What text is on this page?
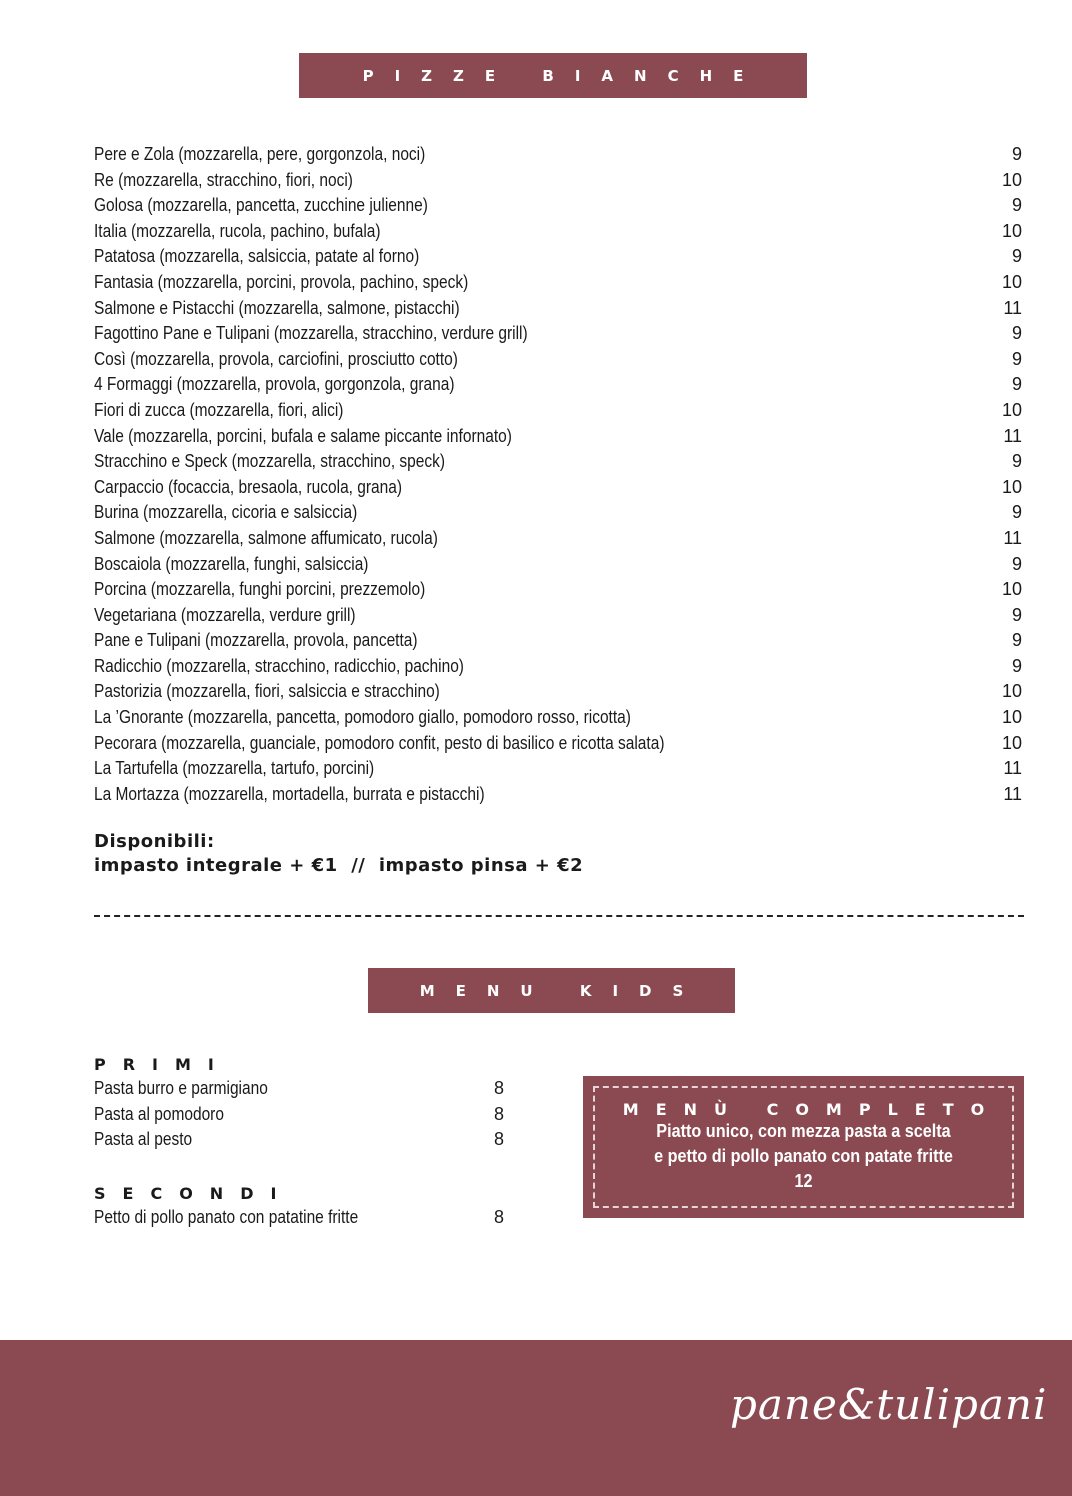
PIZZE BIANCHE
Pere e Zola (mozzarella, pere, gorgonzola, noci)	9
Re (mozzarella, stracchino, fiori, noci)	10
Golosa (mozzarella, pancetta, zucchine julienne)	9
Italia (mozzarella, rucola, pachino, bufala)	10
Patatosa (mozzarella, salsiccia, patate al forno)	9
Fantasia (mozzarella, porcini, provola, pachino, speck)	10
Salmone e Pistacchi (mozzarella, salmone, pistacchi)	11
Fagottino Pane e Tulipani (mozzarella, stracchino, verdure grill)	9
Così (mozzarella, provola, carciofini, prosciutto cotto)	9
4 Formaggi (mozzarella, provola, gorgonzola, grana)	9
Fiori di zucca (mozzarella, fiori, alici)	10
Vale (mozzarella, porcini, bufala e salame piccante infornato)	11
Stracchino e Speck (mozzarella, stracchino, speck)	9
Carpaccio (focaccia, bresaola, rucola, grana)	10
Burina (mozzarella, cicoria e salsiccia)	9
Salmone (mozzarella, salmone affumicato, rucola)	11
Boscaiola (mozzarella, funghi, salsiccia)	9
Porcina (mozzarella, funghi porcini, prezzemolo)	10
Vegetariana (mozzarella, verdure grill)	9
Pane e Tulipani (mozzarella, provola, pancetta)	9
Radicchio (mozzarella, stracchino, radicchio, pachino)	9
Pastorizia (mozzarella, fiori, salsiccia e stracchino)	10
La ’Gnorante (mozzarella, pancetta, pomodoro giallo, pomodoro rosso, ricotta)	10
Pecorara (mozzarella, guanciale, pomodoro confit, pesto di basilico e ricotta salata)	10
La Tartufella (mozzarella, tartufo, porcini)	11
La Mortazza (mozzarella, mortadella, burrata e pistacchi)	11
Disponibili:
impasto integrale + €1  //  impasto pinsa + €2
MENU KIDS
PRIMI
Pasta burro e parmigiano	8
Pasta al pomodoro	8
Pasta al pesto	8
SECONDI
Petto di pollo panato con patatine fritte	8
MENÙ COMPLETO
Piatto unico, con mezza pasta a scelta
e petto di pollo panato con patate fritte
12
pane&tulipani
